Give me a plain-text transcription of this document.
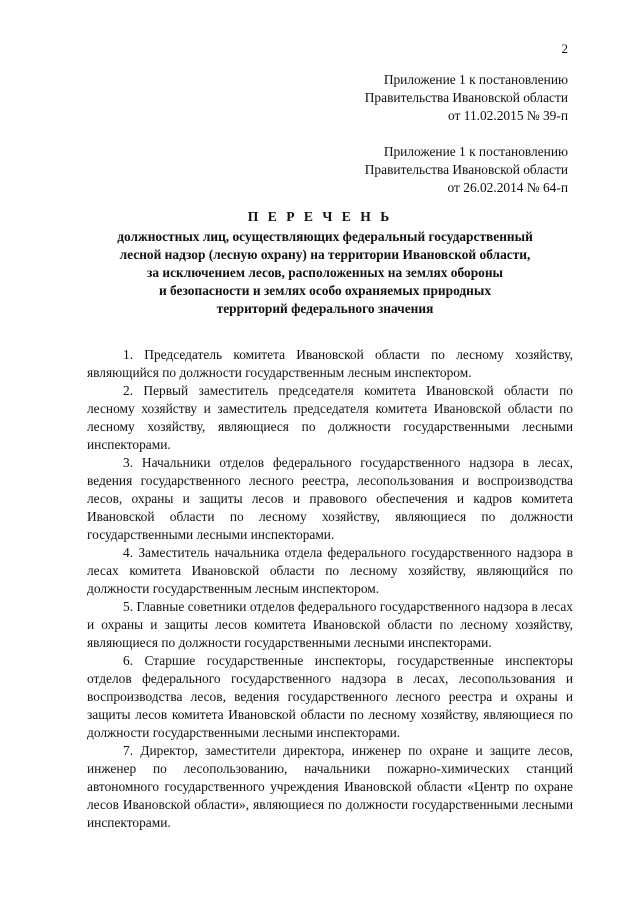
2
Приложение 1 к постановлению
Правительства Ивановской области
от 11.02.2015 № 39-п
Приложение 1 к постановлению
Правительства Ивановской области
от 26.02.2014 № 64-п
П Е Р Е Ч Е Н Ь
должностных лиц, осуществляющих федеральный государственный
лесной надзор (лесную охрану) на территории Ивановской области,
за исключением лесов, расположенных на землях обороны
и безопасности и землях особо охраняемых природных
территорий федерального значения

1. Председатель комитета Ивановской области по лесному хозяйству, являющийся по должности государственным лесным инспектором.

2. Первый заместитель председателя комитета Ивановской области по лесному хозяйству и заместитель председателя комитета Ивановской области по лесному хозяйству, являющиеся по должности государственными лесными инспекторами.

3. Начальники отделов федерального государственного надзора в лесах, ведения государственного лесного реестра, лесопользования и воспроизводства лесов, охраны и защиты лесов и правового обеспечения и кадров комитета Ивановской области по лесному хозяйству, являющиеся по должности государственными лесными инспекторами.

4. Заместитель начальника отдела федерального государственного надзора в лесах комитета Ивановской области по лесному хозяйству, являющийся по должности государственным лесным инспектором.

5. Главные советники отделов федерального государственного надзора в лесах и охраны и защиты лесов комитета Ивановской области по лесному хозяйству, являющиеся по должности государственными лесными инспекторами.

6. Старшие государственные инспекторы, государственные инспекторы отделов федерального государственного надзора в лесах, лесопользования и воспроизводства лесов, ведения государственного лесного реестра и охраны и защиты лесов комитета Ивановской области по лесному хозяйству, являющиеся по должности государственными лесными инспекторами.

7. Директор, заместители директора, инженер по охране и защите лесов, инженер по лесопользованию, начальники пожарно-химических станций автономного государственного учреждения Ивановской области «Центр по охране лесов Ивановской области», являющиеся по должности государственными лесными инспекторами.
